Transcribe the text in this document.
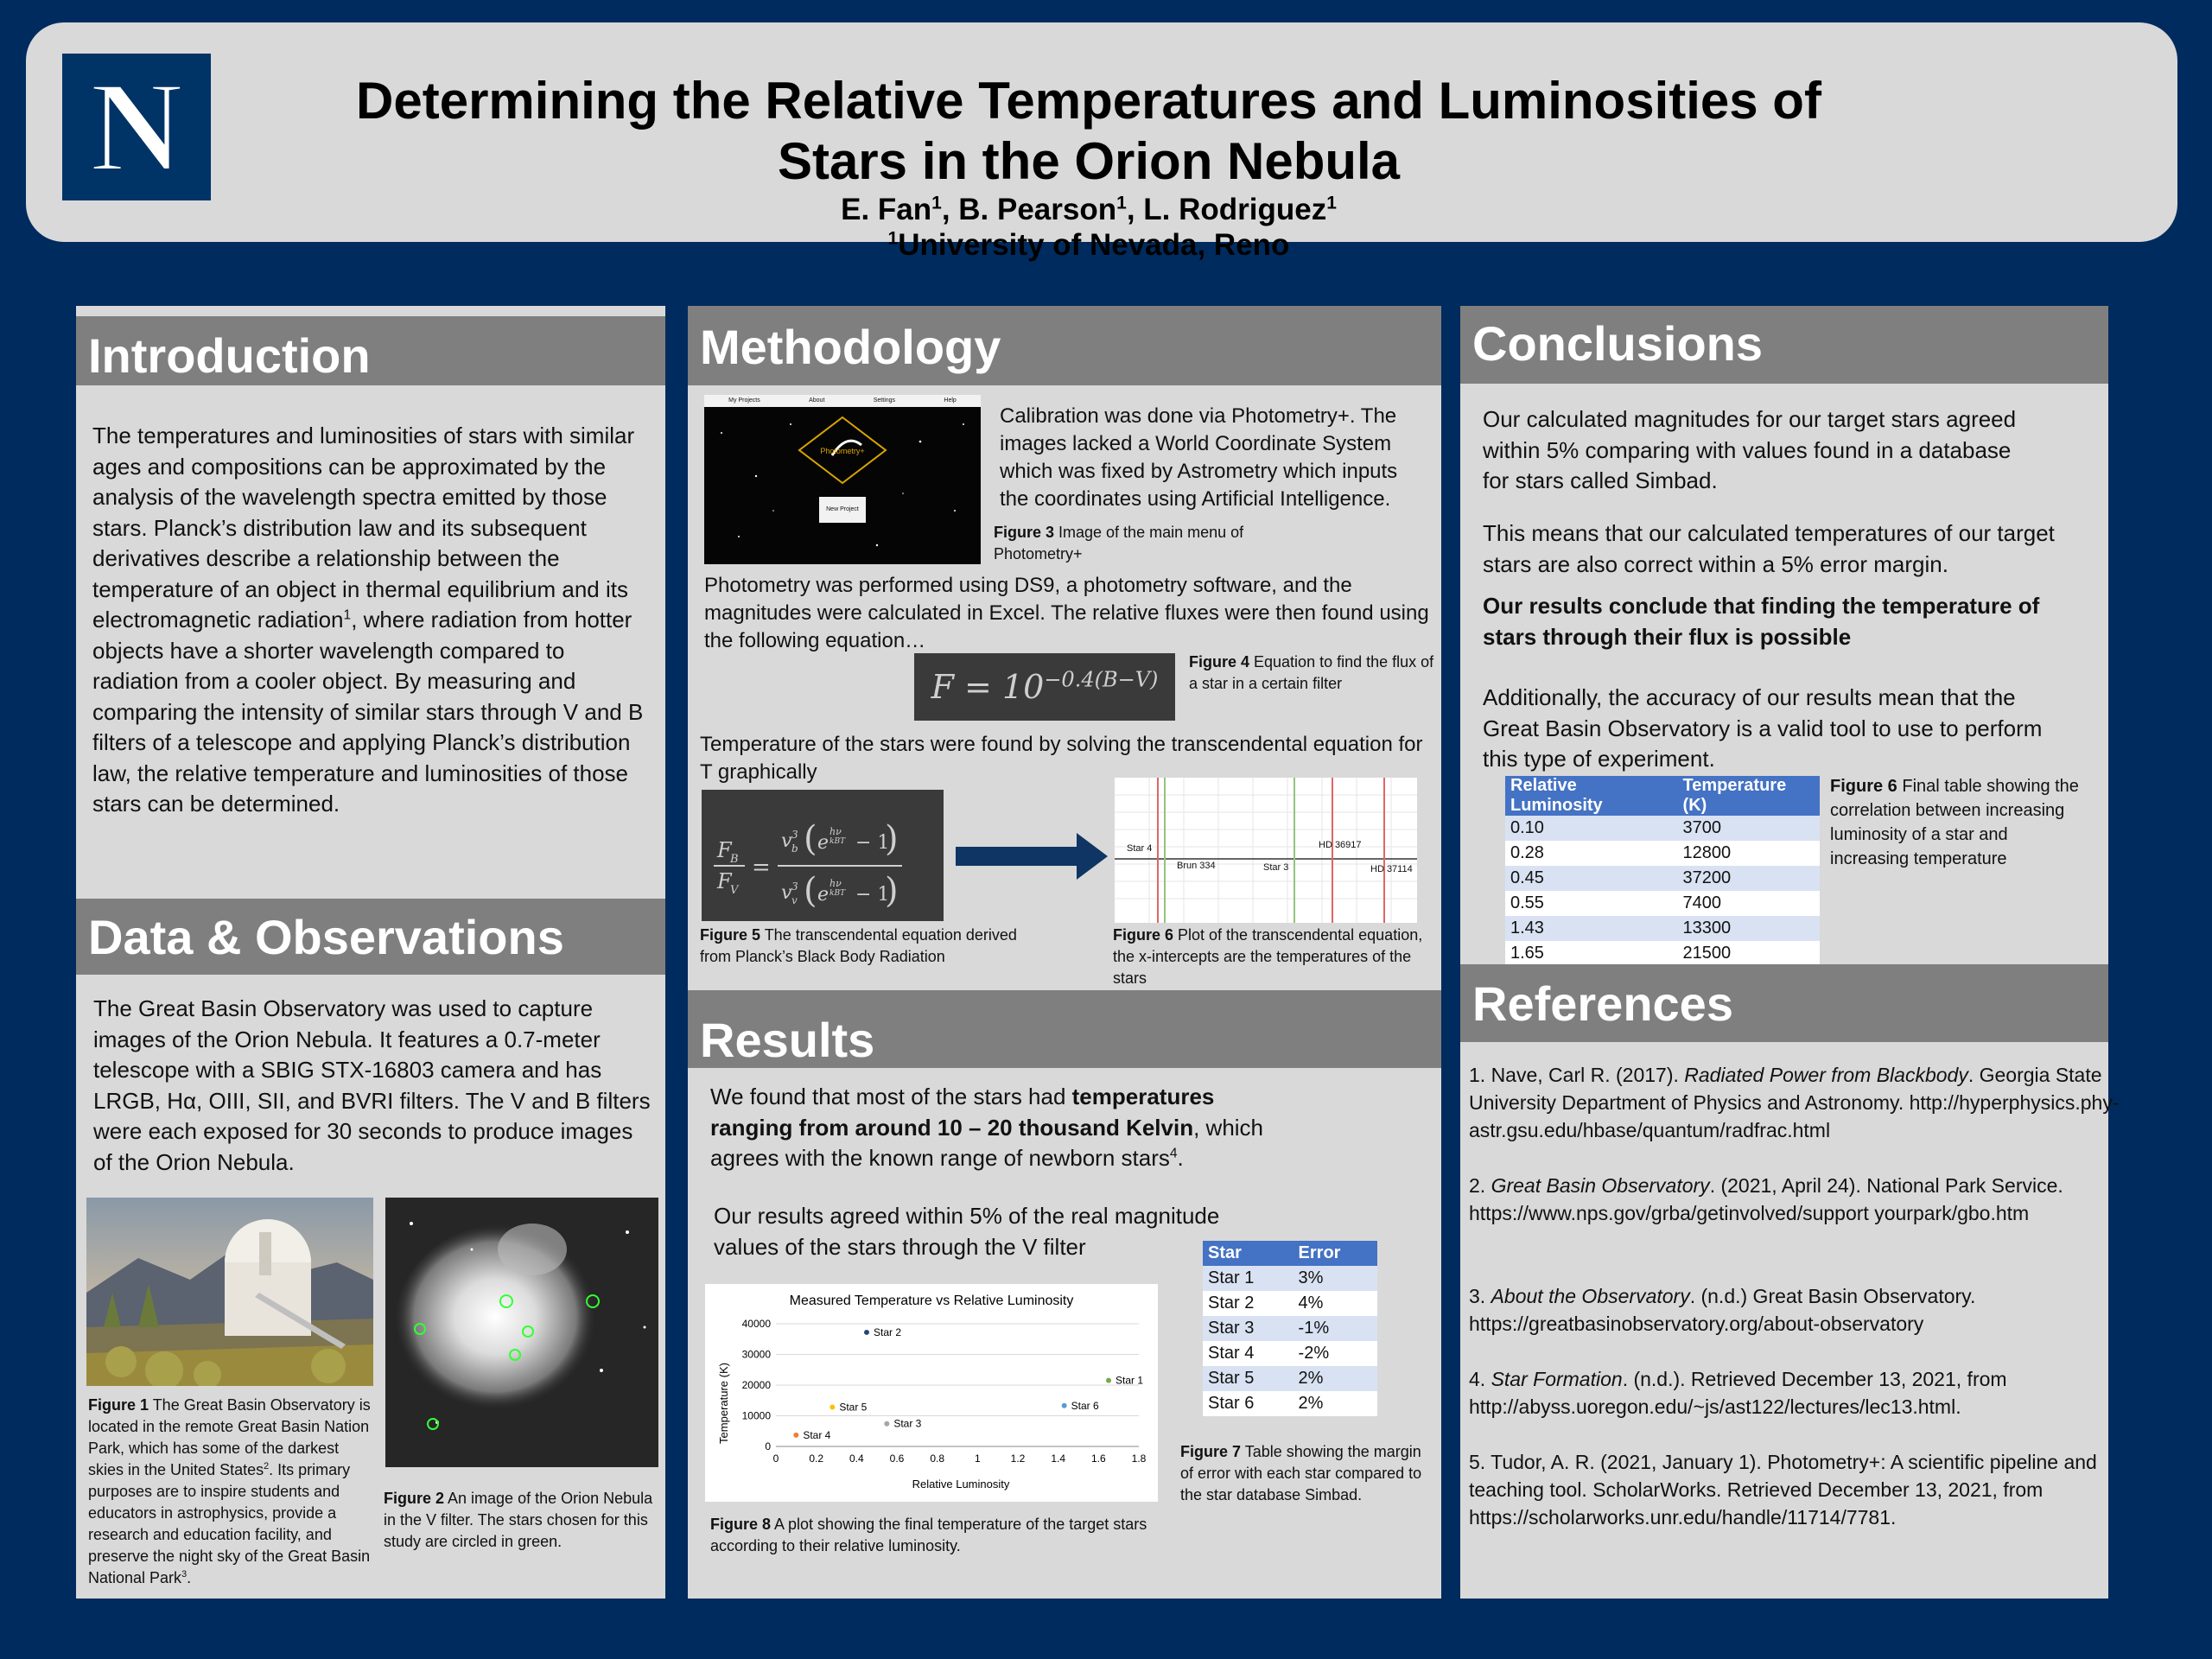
N	Determining the Relative Temperatures and Luminosities of
Stars in the Orion Nebula
E. Fan$^1$, B. Pearson$^1$, L. Rodriguez$^1$
$^1$University of Nevada, Reno
Introduction
The temperatures and luminosities of stars with similar ages and compositions can be approximated by the analysis of the wavelength spectra emitted by those stars. Planck’s distribution law and its subsequent derivatives describe a relationship between the temperature of an object in thermal equilibrium and its electromagnetic radiation$^1$, where radiation from hotter objects have a shorter wavelength compared to radiation from a cooler object. By measuring and comparing the intensity of similar stars through V and B filters of a telescope and applying Planck’s distribution law, the relative temperature and luminosities of those stars can be determined.
Data & Observations
The Great Basin Observatory was used to capture images of the Orion Nebula. It features a 0.7-meter telescope with a SBIG STX-16803 camera and has LRGB, Hα, OIII, SII, and BVRI filters. The V and B filters were each exposed for 30 seconds to produce images of the Orion Nebula.
Figure 1 The Great Basin Observatory is located in the remote Great Basin Nation Park, which has some of the darkest skies in the United States$^2$. Its primary purposes are to inspire students and educators in astrophysics, provide a research and education facility, and preserve the night sky of the Great Basin National Park$^3$.
Figure 2 An image of the Orion Nebula in the V filter. The stars chosen for this study are circled in green.
Methodology
My Projects	About	Settings	Help
Photometry+
New Project
Calibration was done via Photometry+. The images lacked a World Coordinate System which was fixed by Astrometry which inputs the coordinates using Artificial Intelligence.
Figure 3 Image of the main menu of Photometry+
Photometry was performed using DS9, a photometry software, and the magnitudes were calculated in Excel. The relative fluxes were then found using the following equation…
$F = 10^{-0.4(B-V)}$
Figure 4 Equation to find the flux of a star in a certain filter
Temperature of the stars were found by solving the transcendental equation for T graphically
F
B
F
V
=
v 3
b ( e
hν
kBT − 1
)
v 3
v ( e
hν
kBT − 1
)
Star 4
Brun 334	Star 3
HD 36917
HD 37114
Figure 5 The transcendental equation derived from Planck’s Black Body Radiation
Figure 6 Plot of the transcendental equation, the x-intercepts are the temperatures of the stars
Results
We found that most of the stars had temperatures ranging from around 10 – 20 thousand Kelvin, which agrees with the known range of newborn stars$^4$.
Our results agreed within 5% of the real magnitude values of the stars through the V filter
Measured Temperature vs Relative Luminosity
Relative Luminosity
Temperature (K)
0
10000
20000
30000
40000
0	0.2 0.4 0.6 0.8	1	1.2 1.4 1.6 1.8
Star 1
Star 2
Star 3
Star 4
Star 5	Star 6
Star	Error
Star 1	3%
Star 2	4%
Star 3	-1%
Star 4	-2%
Star 5	2%
Star 6	2%
Figure 7 Table showing the margin of error with each star compared to the star database Simbad.
Figure 8 A plot showing the final temperature of the target stars according to their relative luminosity.
Conclusions
Our calculated magnitudes for our target stars agreed within 5% comparing with values found in a database for stars called Simbad.
This means that our calculated temperatures of our target stars are also correct within a 5% error margin.
Our results conclude that finding the temperature of stars through their flux is possible
Additionally, the accuracy of our results mean that the Great Basin Observatory is a valid tool to use to perform this type of experiment.
Relative Luminosity	Temperature (K)
0.10	3700
0.28	12800
0.45	37200
0.55	7400
1.43	13300
1.65	21500
Figure 6 Final table showing the correlation between increasing luminosity of a star and increasing temperature
References
1. Nave, Carl R. (2017). Radiated Power from Blackbody. Georgia State University Department of Physics and Astronomy. http://hyperphysics.phy-astr.gsu.edu/hbase/quantum/radfrac.html
2. Great Basin Observatory. (2021, April 24). National Park Service. https://www.nps.gov/grba/getinvolved/support yourpark/gbo.htm
3. About the Observatory. (n.d.) Great Basin Observatory. https://greatbasinobservatory.org/about-observatory
4. Star Formation. (n.d.). Retrieved December 13, 2021, from http://abyss.uoregon.edu/~js/ast122/lectures/lec13.html.
5. Tudor, A. R. (2021, January 1). Photometry+: A scientific pipeline and teaching tool. ScholarWorks. Retrieved December 13, 2021, from https://scholarworks.unr.edu/handle/11714/7781.
